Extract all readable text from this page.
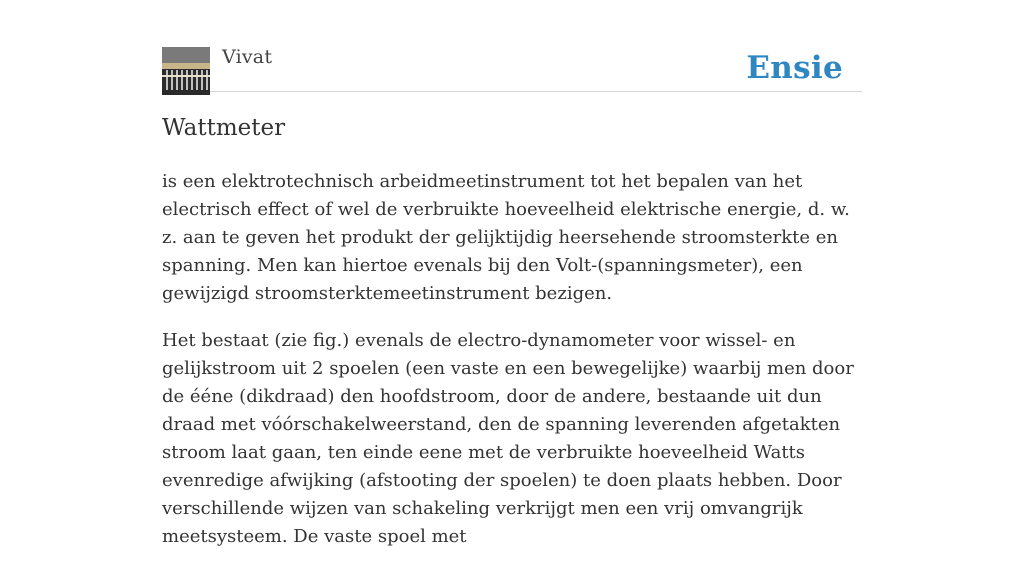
Vivat	Ensie
Wattmeter

is een elektrotechnisch arbeidmeetinstrument tot het bepalen van het electrisch effect of wel de verbruikte hoeveelheid elektrische energie, d. w. z. aan te geven het produkt der gelijktijdig heersehende stroomsterkte en spanning. Men kan hiertoe evenals bij den Volt-(spanningsmeter), een gewijzigd stroomsterktemeetinstrument bezigen.

Het bestaat (zie fig.) evenals de electro-dynamometer voor wissel- en gelijkstroom uit 2 spoelen (een vaste en een bewegelijke) waarbij men door de ééne (dikdraad) den hoofdstroom, door de andere, bestaande uit dun draad met vóórschakelweerstand, den de spanning leverenden afgetakten stroom laat gaan, ten einde eene met de verbruikte hoeveelheid Watts evenredige afwijking (afstooting der spoelen) te doen plaats hebben. Door verschillende wijzen van schakeling verkrijgt men een vrij omvangrijk meetsysteem. De vaste spoel met
